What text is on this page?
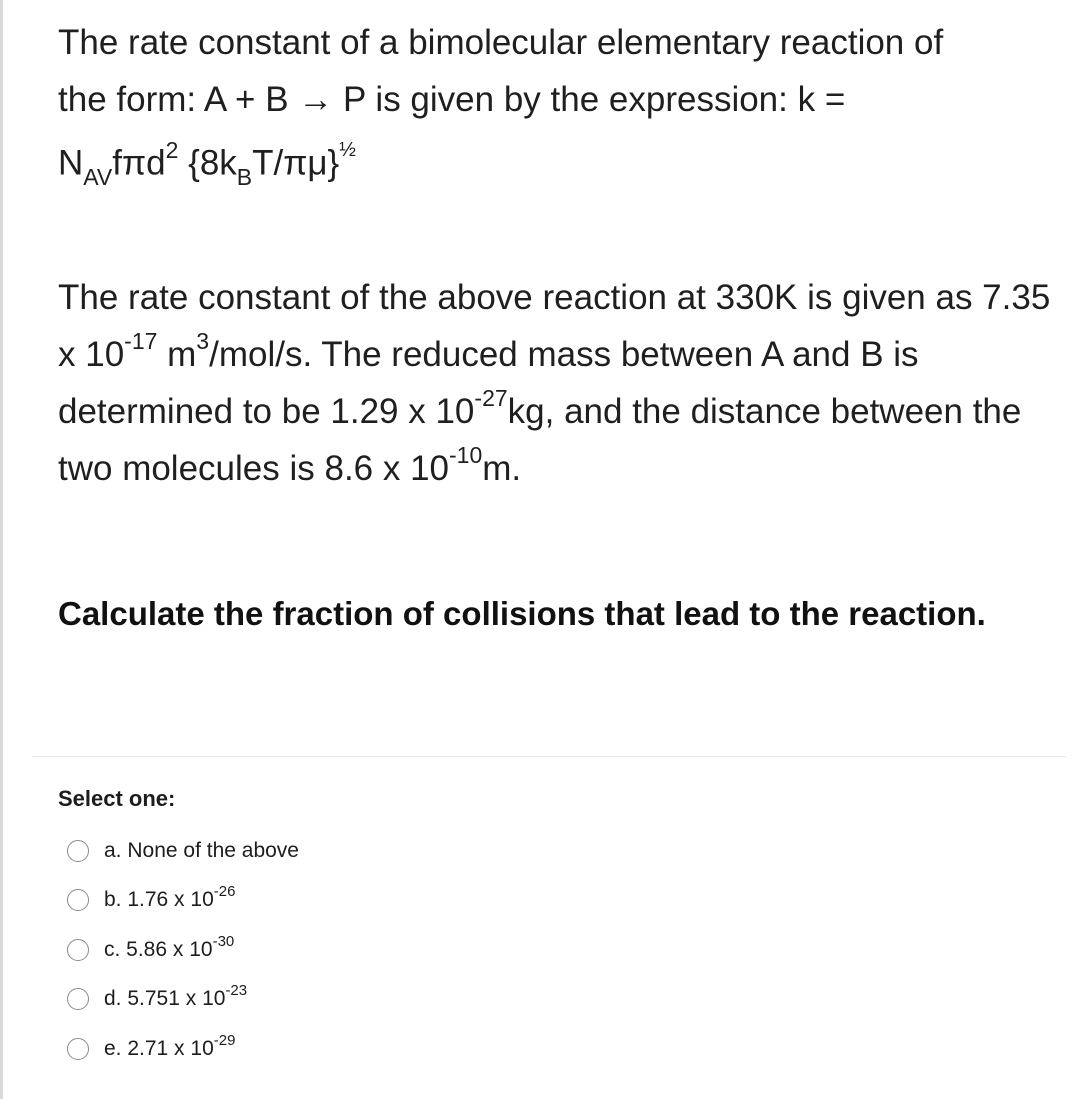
The rate constant of a bimolecular elementary reaction of
the form: A + B → P is given by the expression: k =
$N_{AV}f\pi d^2$ $\{8k_BT/\pi\mu\}^{\frac{1}{2}}$
The rate constant of the above reaction at 330K is given as 7.35 x $10^{-17}$ $m^3/mol/s$. The reduced mass between A and B is determined to be 1.29 x $10^{-27}kg$, and the distance between the two molecules is 8.6 x $10^{-10}m$.
Calculate the fraction of collisions that lead to the reaction.
Select one:
a. None of the above
b. 1.76 x $10^{-26}$
c. 5.86 x $10^{-30}$
d. 5.751 x $10^{-23}$
e. 2.71 x $10^{-29}$
